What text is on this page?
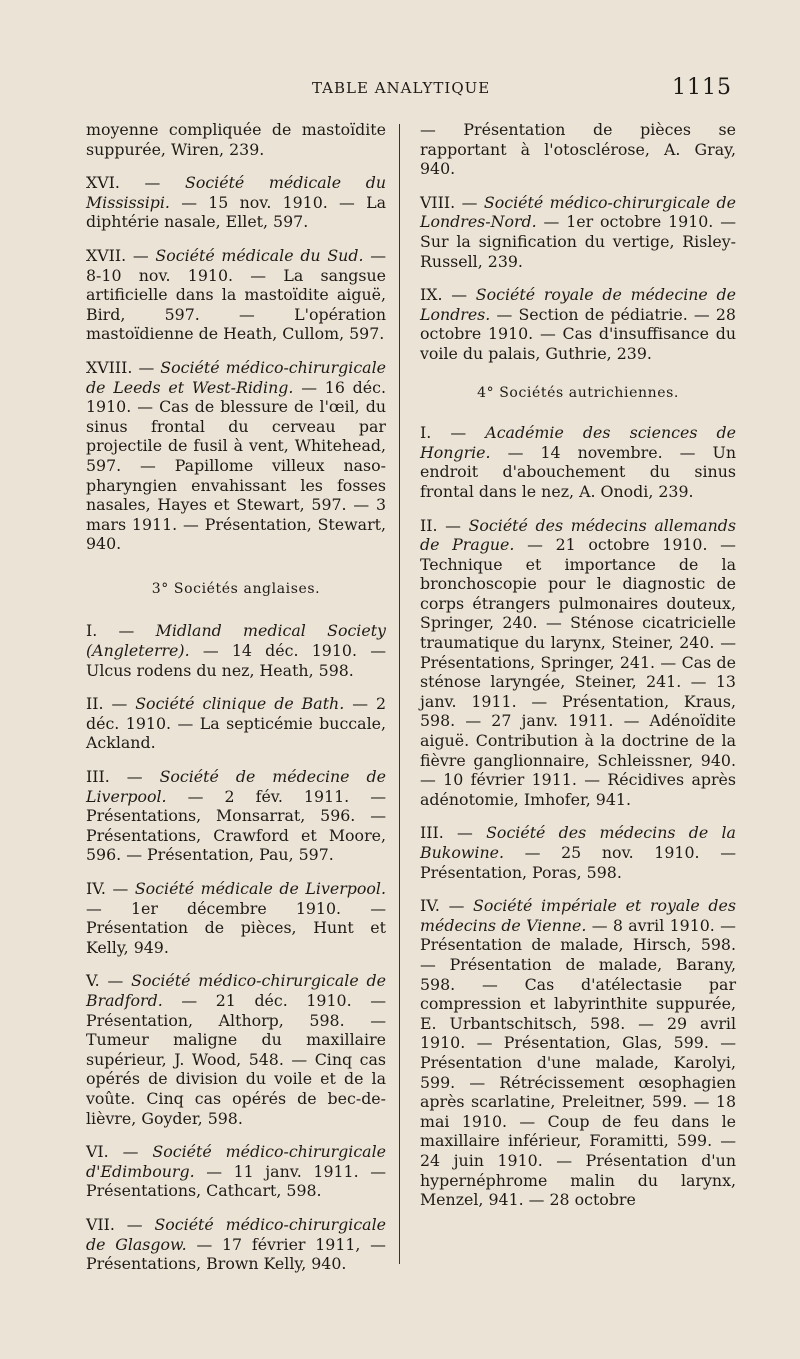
TABLE ANALYTIQUE	1115

moyenne compliquée de mastoïdite suppurée, Wiren, 239.

XVI. — Société médicale du Mississipi. — 15 nov. 1910. — La diphtérie nasale, Ellet, 597.

XVII. — Société médicale du Sud. — 8-10 nov. 1910. — La sangsue artificielle dans la mastoïdite aiguë, Bird, 597. — L'opération mastoïdienne de Heath, Cullom, 597.

XVIII. — Société médico-chirurgicale de Leeds et West-Riding. — 16 déc. 1910. — Cas de blessure de l'œil, du sinus frontal du cerveau par projectile de fusil à vent, Whitehead, 597. — Papillome villeux naso-pharyngien envahissant les fosses nasales, Hayes et Stewart, 597. — 3 mars 1911. — Présentation, Stewart, 940.

3° Sociétés anglaises.

I. — Midland medical Society (Angleterre). — 14 déc. 1910. — Ulcus rodens du nez, Heath, 598.

II. — Société clinique de Bath. — 2 déc. 1910. — La septicémie buccale, Ackland.

III. — Société de médecine de Liverpool. — 2 fév. 1911. — Présentations, Monsarrat, 596. — Présentations, Crawford et Moore, 596. — Présentation, Pau, 597.

IV. — Société médicale de Liverpool. — 1er décembre 1910. — Présentation de pièces, Hunt et Kelly, 949.

V. — Société médico-chirurgicale de Bradford. — 21 déc. 1910. — Présentation, Althorp, 598. — Tumeur maligne du maxillaire supérieur, J. Wood, 548. — Cinq cas opérés de division du voile et de la voûte. Cinq cas opérés de bec-de-lièvre, Goyder, 598.

VI. — Société médico-chirurgicale d'Edimbourg. — 11 janv. 1911. — Présentations, Cathcart, 598.

VII. — Société médico-chirurgicale de Glasgow. — 17 février 1911, — Présentations, Brown Kelly, 940.

— Présentation de pièces se rapportant à l'otosclérose, A. Gray, 940.

VIII. — Société médico-chirurgicale de Londres-Nord. — 1er octobre 1910. — Sur la signification du vertige, Risley-Russell, 239.

IX. — Société royale de médecine de Londres. — Section de pédiatrie. — 28 octobre 1910. — Cas d'insuffisance du voile du palais, Guthrie, 239.

4° Sociétés autrichiennes.

I. — Académie des sciences de Hongrie. — 14 novembre. — Un endroit d'abouchement du sinus frontal dans le nez, A. Onodi, 239.

II. — Société des médecins allemands de Prague. — 21 octobre 1910. — Technique et importance de la bronchoscopie pour le diagnostic de corps étrangers pulmonaires douteux, Springer, 240. — Sténose cicatricielle traumatique du larynx, Steiner, 240. — Présentations, Springer, 241. — Cas de sténose laryngée, Steiner, 241. — 13 janv. 1911. — Présentation, Kraus, 598. — 27 janv. 1911. — Adénoïdite aiguë. Contribution à la doctrine de la fièvre ganglionnaire, Schleissner, 940. — 10 février 1911. — Récidives après adénotomie, Imhofer, 941.

III. — Société des médecins de la Bukowine. — 25 nov. 1910. — Présentation, Poras, 598.

IV. — Société impériale et royale des médecins de Vienne. — 8 avril 1910. — Présentation de malade, Hirsch, 598. — Présentation de malade, Barany, 598. — Cas d'atélectasie par compression et labyrinthite suppurée, E. Urbantschitsch, 598. — 29 avril 1910. — Présentation, Glas, 599. — Présentation d'une malade, Karolyi, 599. — Rétrécissement œsophagien après scarlatine, Preleitner, 599. — 18 mai 1910. — Coup de feu dans le maxillaire inférieur, Foramitti, 599. — 24 juin 1910. — Présentation d'un hypernéphrome malin du larynx, Menzel, 941. — 28 octobre
